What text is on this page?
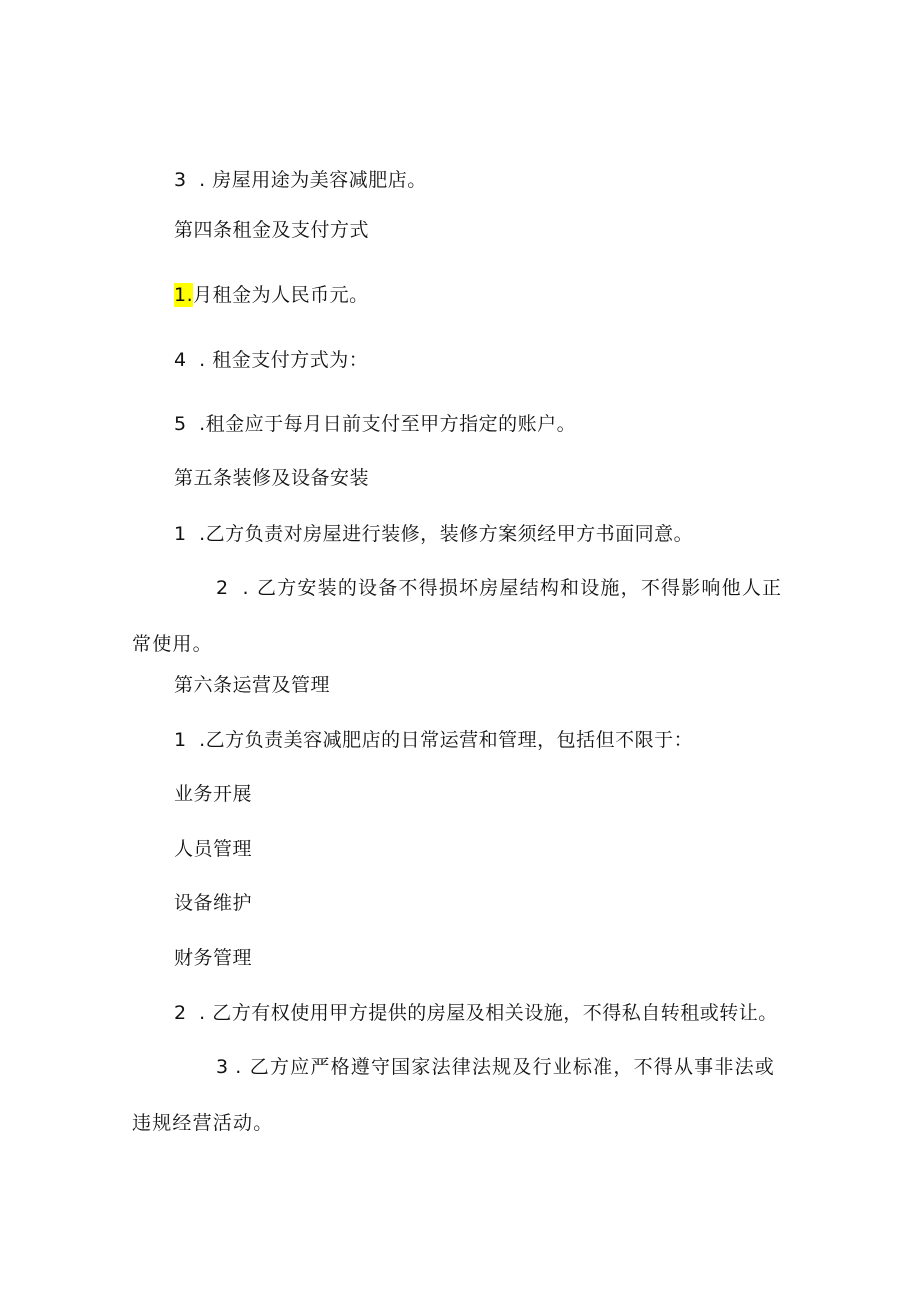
3 . 房屋用途为美容减肥店。
第四条租金及支付方式
1.月租金为人民币元。
4 . 租金支付方式为：
5 .租金应于每月日前支付至甲方指定的账户。
第五条装修及设备安装
1 .乙方负责对房屋进行装修，装修方案须经甲方书面同意。
2 . 乙方安装的设备不得损坏房屋结构和设施，不得影响他人正常使用。
第六条运营及管理
1 .乙方负责美容减肥店的日常运营和管理，包括但不限于：
业务开展
人员管理
设备维护
财务管理
2 . 乙方有权使用甲方提供的房屋及相关设施，不得私自转租或转让。
3 . 乙方应严格遵守国家法律法规及行业标准，不得从事非法或违规经营活动。
